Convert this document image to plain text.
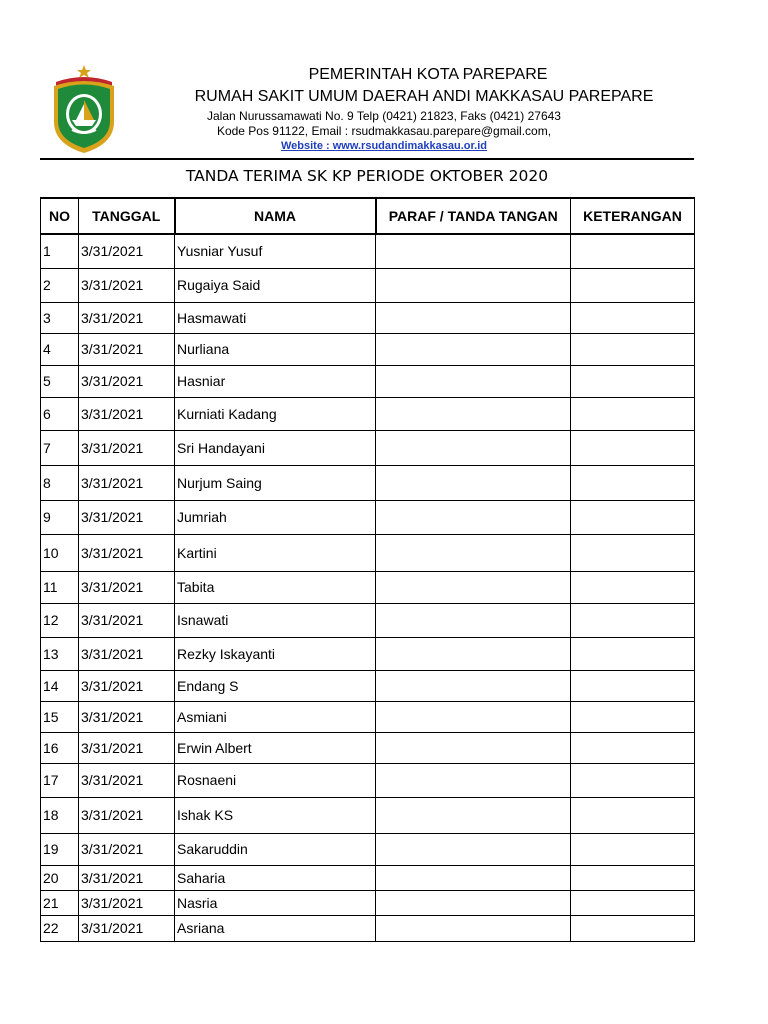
PEMERINTAH KOTA PAREPARE
RUMAH SAKIT UMUM DAERAH ANDI MAKKASAU PAREPARE
Jalan Nurussamawati No. 9 Telp (0421) 21823, Faks (0421) 27643
Kode Pos 91122, Email : rsudmakkasau.parepare@gmail.com,
Website : www.rsudandimakkasau.or.id
TANDA TERIMA SK KP PERIODE OKTOBER 2020
NO	TANGGAL	NAMA	PARAF / TANDA TANGAN	KETERANGAN
1	3/31/2021	Yusniar Yusuf		
2	3/31/2021	Rugaiya Said		
3	3/31/2021	Hasmawati		
4	3/31/2021	Nurliana		
5	3/31/2021	Hasniar		
6	3/31/2021	Kurniati Kadang		
7	3/31/2021	Sri Handayani		
8	3/31/2021	Nurjum Saing		
9	3/31/2021	Jumriah		
10	3/31/2021	Kartini		
11	3/31/2021	Tabita		
12	3/31/2021	Isnawati		
13	3/31/2021	Rezky Iskayanti		
14	3/31/2021	Endang S		
15	3/31/2021	Asmiani		
16	3/31/2021	Erwin Albert		
17	3/31/2021	Rosnaeni		
18	3/31/2021	Ishak KS		
19	3/31/2021	Sakaruddin		
20	3/31/2021	Saharia		
21	3/31/2021	Nasria		
22	3/31/2021	Asriana		
